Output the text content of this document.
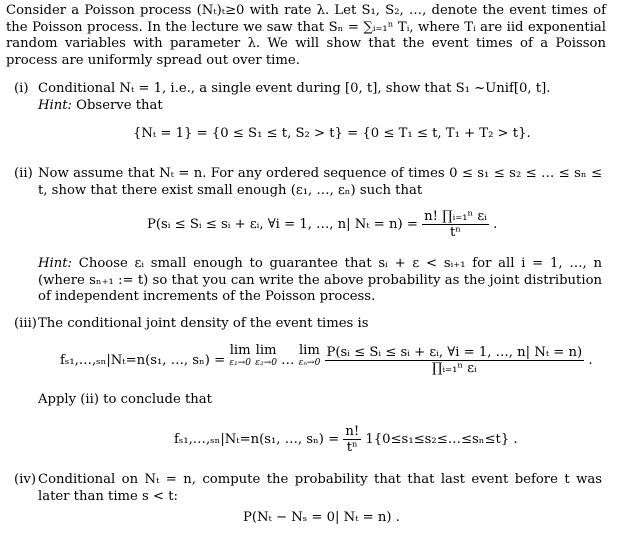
Consider a Poisson process (Nₜ)ₜ≥0 with rate λ. Let S₁, S₂, …, denote the event times of the Poisson process. In the lecture we saw that Sₙ = ∑ᵢ₌₁ⁿ Tᵢ, where Tᵢ are iid exponential random variables with parameter λ. We will show that the event times of a Poisson process are uniformly spread out over time.
(i) Conditional Nₜ = 1, i.e., a single event during [0, t], show that S₁ ~Unif[0, t].
Hint: Observe that
{Nₜ = 1} = {0 ≤ S₁ ≤ t, S₂ > t} = {0 ≤ T₁ ≤ t, T₁ + T₂ > t}.
(ii) Now assume that Nₜ = n. For any ordered sequence of times 0 ≤ s₁ ≤ s₂ ≤ … ≤ sₙ ≤ t, show that there exist small enough (ε₁, …, εₙ) such that
P(sᵢ ≤ Sᵢ ≤ sᵢ + εᵢ, ∀i = 1, …, n| $N_t = n) = \frac{\text{n! ∏ᵢ₌₁ⁿ εᵢ}}{\text{tⁿ}}$ .
Hint: Choose εᵢ small enough to guarantee that sᵢ + ε < sᵢ₊₁ for all i = 1, …, n (where sₙ₊₁ := t) so that you can write the above probability as the joint distribution of independent increments of the Poisson process.
(iii)The conditional joint density of the event times is
fₛ₁,…,ₛₙ|Nₜ=n(s₁, …, sₙ) = lim
ε₁→0
lim
ε₂→0 … lim
εₙ→0
$\frac{\text{P(sᵢ ≤ Sᵢ ≤ sᵢ + εᵢ, ∀i = 1, …, n| Nₜ = n)}}{\text{∏ᵢ₌₁ⁿ εᵢ}}$ .
Apply (ii) to conclude that
fₛ₁,…,ₛₙ|Nₜ=n(s₁, …, $s_n) = \frac{n!}{\text{tⁿ}}$ 1{0≤s₁≤s₂≤…≤sₙ≤t} .
(iv) Conditional on Nₜ = n, compute the probability that that last event before t was later than time s < t:
P(Nₜ − Nₛ = 0| Nₜ = n) .
